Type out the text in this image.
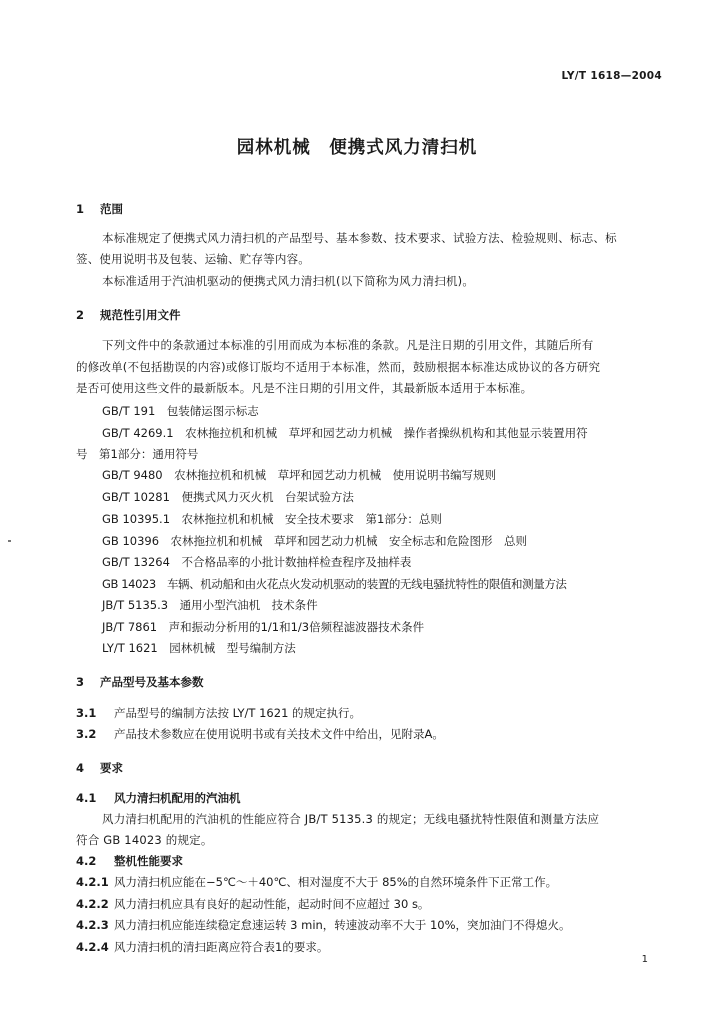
LY/T 1618—2004
园林机械　便携式风力清扫机
1 范围
本标准规定了便携式风力清扫机的产品型号、基本参数、技术要求、试验方法、检验规则、标志、标
签、使用说明书及包装、运输、贮存等内容。
本标准适用于汽油机驱动的便携式风力清扫机(以下简称为风力清扫机)。
2 规范性引用文件
下列文件中的条款通过本标准的引用而成为本标准的条款。凡是注日期的引用文件，其随后所有
的修改单(不包括勘误的内容)或修订版均不适用于本标准，然而，鼓励根据本标准达成协议的各方研究
是否可使用这些文件的最新版本。凡是不注日期的引用文件，其最新版本适用于本标准。
GB/T 191　包装储运图示标志
GB/T 4269.1　农林拖拉机和机械　草坪和园艺动力机械　操作者操纵机构和其他显示装置用符
号　第1部分：通用符号
GB/T 9480　农林拖拉机和机械　草坪和园艺动力机械　使用说明书编写规则
GB/T 10281　便携式风力灭火机　台架试验方法
GB 10395.1　农林拖拉机和机械　安全技术要求　第1部分：总则
GB 10396　农林拖拉机和机械　草坪和园艺动力机械　安全标志和危险图形　总则
GB/T 13264　不合格品率的小批计数抽样检查程序及抽样表
GB 14023　车辆、机动船和由火花点火发动机驱动的装置的无线电骚扰特性的限值和测量方法
JB/T 5135.3　通用小型汽油机　技术条件
JB/T 7861　声和振动分析用的1/1和1/3倍频程滤波器技术条件
LY/T 1621　园林机械　型号编制方法
3 产品型号及基本参数
3.1 产品型号的编制方法按 LY/T 1621 的规定执行。
3.2 产品技术参数应在使用说明书或有关技术文件中给出，见附录A。
4 要求
4.1 风力清扫机配用的汽油机
风力清扫机配用的汽油机的性能应符合 JB/T 5135.3 的规定；无线电骚扰特性限值和测量方法应
符合 GB 14023 的规定。
4.2 整机性能要求
4.2.1 风力清扫机应能在−5℃～＋40℃、相对湿度不大于 85%的自然环境条件下正常工作。
4.2.2 风力清扫机应具有良好的起动性能，起动时间不应超过 30 s。
4.2.3 风力清扫机应能连续稳定怠速运转 3 min，转速波动率不大于 10%，突加油门不得熄火。
4.2.4 风力清扫机的清扫距离应符合表1的要求。
1
